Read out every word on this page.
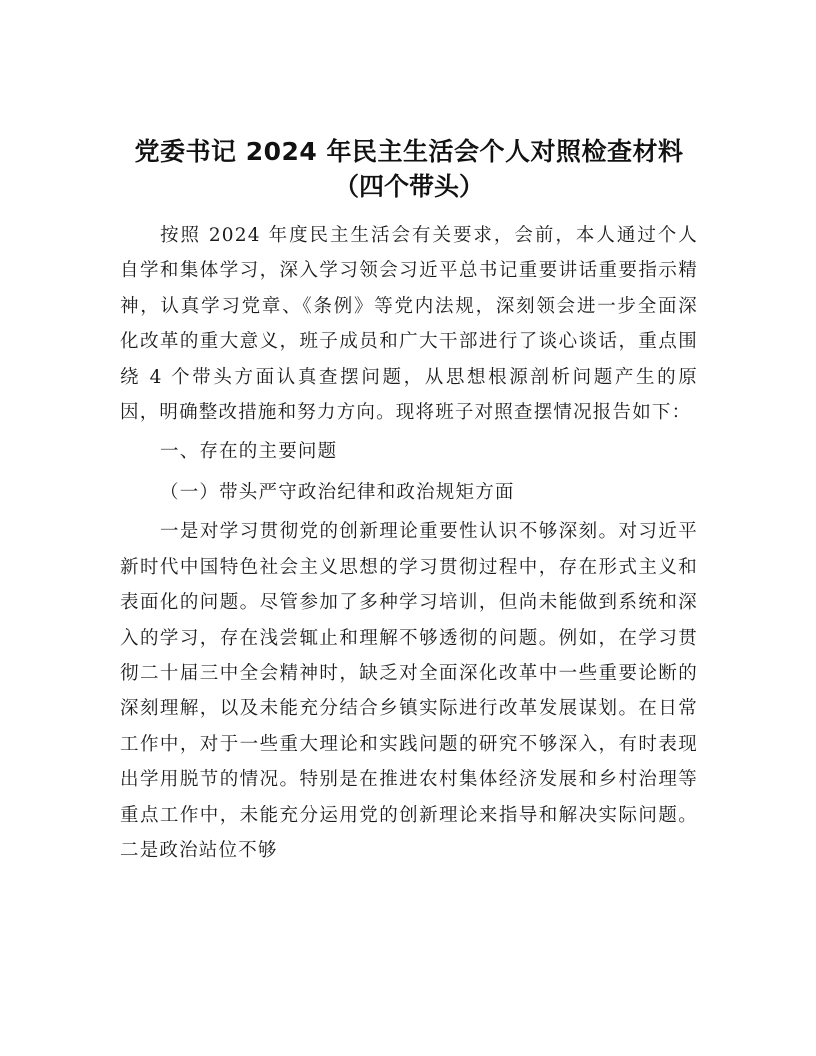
党委书记 2024 年民主生活会个人对照检查材料
（四个带头）

按照 2024 年度民主生活会有关要求，会前，本人通过个人自学和集体学习，深入学习领会习近平总书记重要讲话重要指示精神，认真学习党章、《条例》等党内法规，深刻领会进一步全面深化改革的重大意义，班子成员和广大干部进行了谈心谈话，重点围绕 4 个带头方面认真查摆问题，从思想根源剖析问题产生的原因，明确整改措施和努力方向。现将班子对照查摆情况报告如下：

一、存在的主要问题

（一）带头严守政治纪律和政治规矩方面

一是对学习贯彻党的创新理论重要性认识不够深刻。对习近平新时代中国特色社会主义思想的学习贯彻过程中，存在形式主义和表面化的问题。尽管参加了多种学习培训，但尚未能做到系统和深入的学习，存在浅尝辄止和理解不够透彻的问题。例如，在学习贯彻二十届三中全会精神时，缺乏对全面深化改革中一些重要论断的深刻理解，以及未能充分结合乡镇实际进行改革发展谋划。在日常工作中，对于一些重大理论和实践问题的研究不够深入，有时表现出学用脱节的情况。特别是在推进农村集体经济发展和乡村治理等重点工作中，未能充分运用党的创新理论来指导和解决实际问题。二是政治站位不够
